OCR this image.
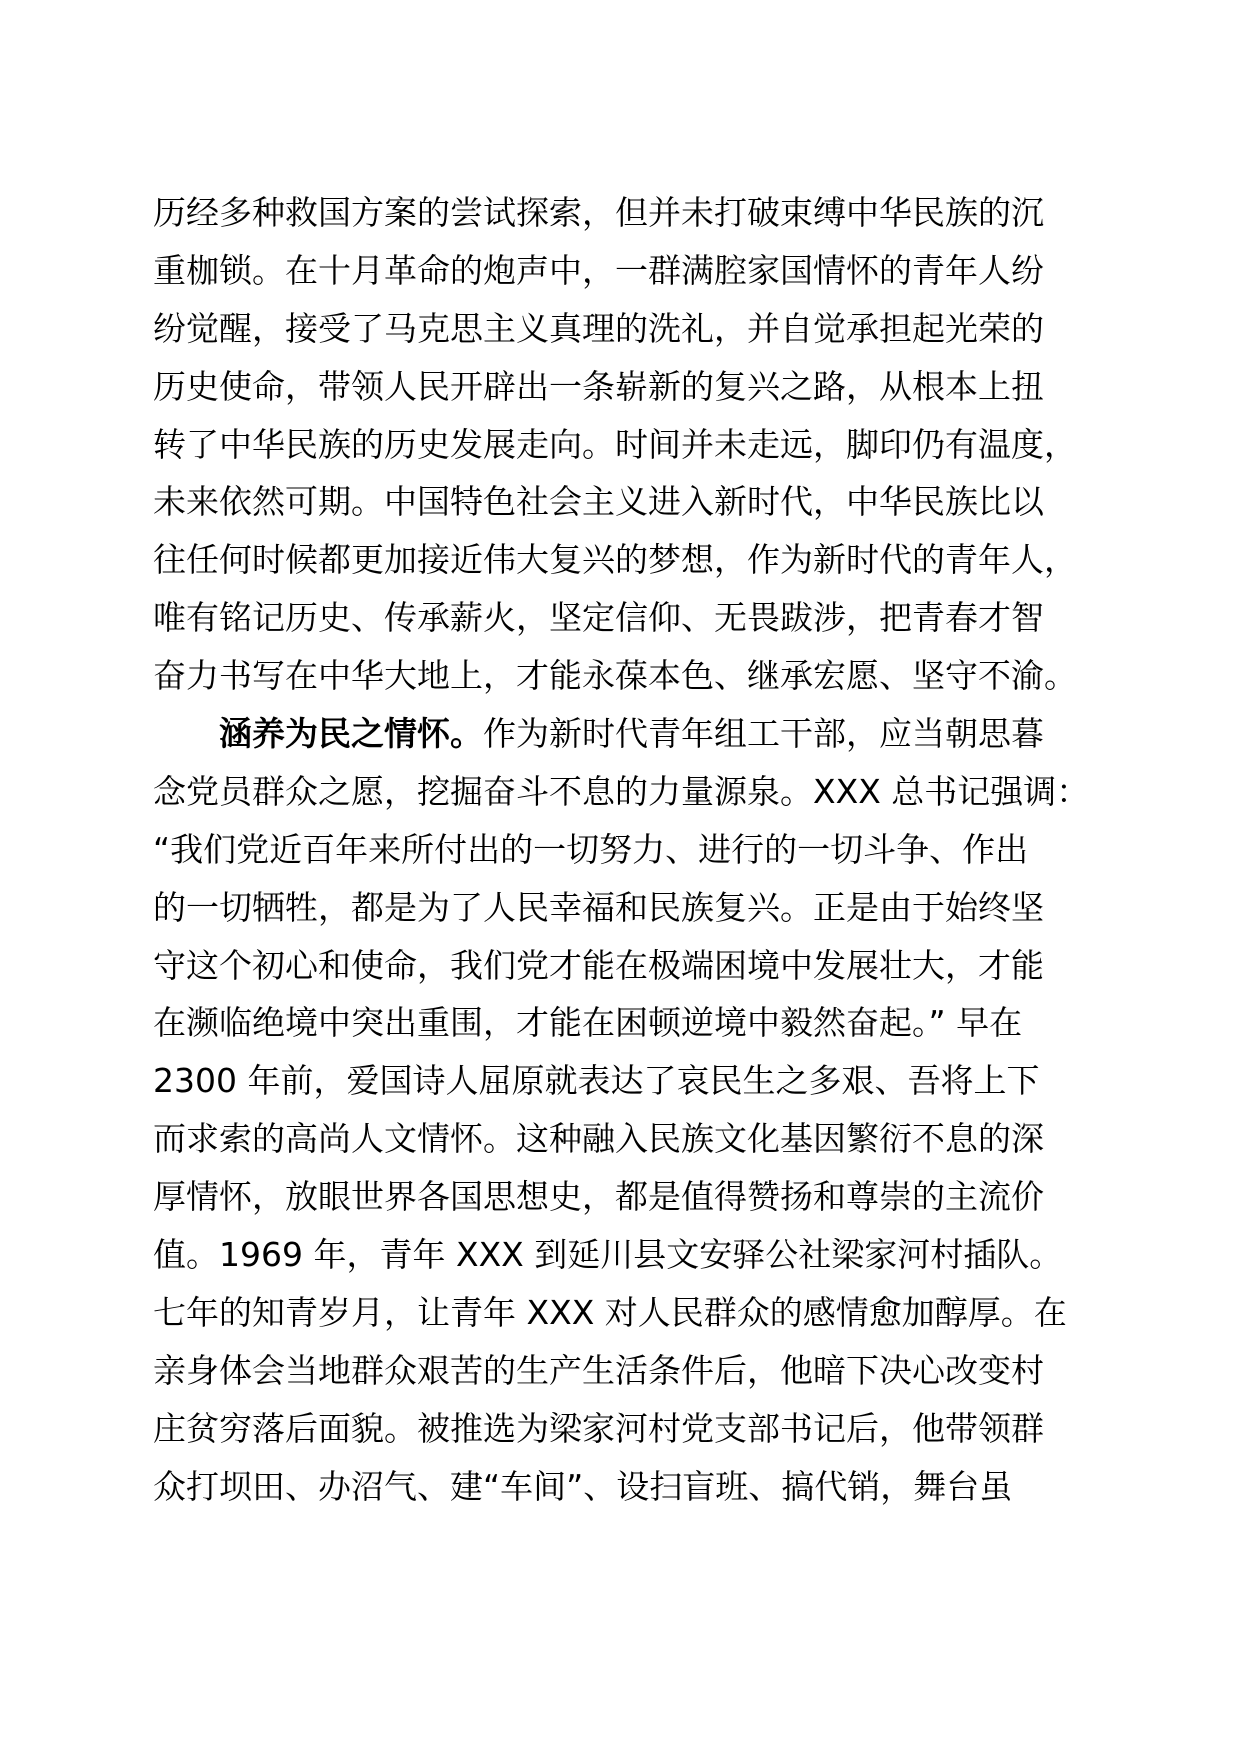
历经多种救国方案的尝试探索，但并未打破束缚中华民族的沉
重枷锁。在十月革命的炮声中，一群满腔家国情怀的青年人纷
纷觉醒，接受了马克思主义真理的洗礼，并自觉承担起光荣的
历史使命，带领人民开辟出一条崭新的复兴之路，从根本上扭
转了中华民族的历史发展走向。时间并未走远，脚印仍有温度，
未来依然可期。中国特色社会主义进入新时代，中华民族比以
往任何时候都更加接近伟大复兴的梦想，作为新时代的青年人，
唯有铭记历史、传承薪火，坚定信仰、无畏跋涉，把青春才智
奋力书写在中华大地上，才能永葆本色、继承宏愿、坚守不渝。
涵养为民之情怀。作为新时代青年组工干部，应当朝思暮
念党员群众之愿，挖掘奋斗不息的力量源泉。XXX 总书记强调：
“我们党近百年来所付出的一切努力、进行的一切斗争、作出
的一切牺牲，都是为了人民幸福和民族复兴。正是由于始终坚
守这个初心和使命，我们党才能在极端困境中发展壮大，才能
在濒临绝境中突出重围，才能在困顿逆境中毅然奋起。” 早在
2300 年前，爱国诗人屈原就表达了哀民生之多艰、吾将上下
而求索的高尚人文情怀。这种融入民族文化基因繁衍不息的深
厚情怀，放眼世界各国思想史，都是值得赞扬和尊崇的主流价
值。1969 年，青年 XXX 到延川县文安驿公社梁家河村插队。
七年的知青岁月，让青年 XXX 对人民群众的感情愈加醇厚。在
亲身体会当地群众艰苦的生产生活条件后，他暗下决心改变村
庄贫穷落后面貌。被推选为梁家河村党支部书记后，他带领群
众打坝田、办沼气、建“车间”、设扫盲班、搞代销，舞台虽
